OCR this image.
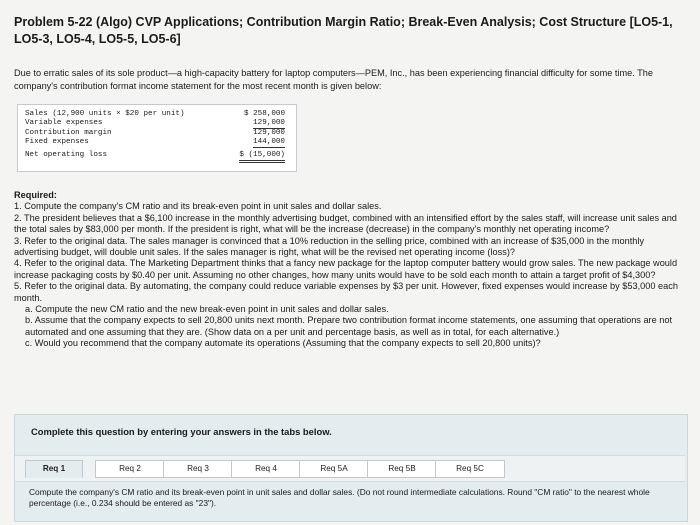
Problem 5-22 (Algo) CVP Applications; Contribution Margin Ratio; Break-Even Analysis; Cost Structure [LO5-1, LO5-3, LO5-4, LO5-5, LO5-6]
Due to erratic sales of its sole product—a high-capacity battery for laptop computers—PEM, Inc., has been experiencing financial difficulty for some time. The company's contribution format income statement for the most recent month is given below:
Sales (12,900 units × $20 per unit)	$ 258,000
Variable expenses	129,000
Contribution margin	129,000
Fixed expenses	144,000
Net operating loss	$ (15,000)

Required:

1. Compute the company's CM ratio and its break-even point in unit sales and dollar sales.

2. The president believes that a $6,100 increase in the monthly advertising budget, combined with an intensified effort by the sales staff, will increase unit sales and the total sales by $83,000 per month. If the president is right, what will be the increase (decrease) in the company's monthly net operating income?

3. Refer to the original data. The sales manager is convinced that a 10% reduction in the selling price, combined with an increase of $35,000 in the monthly advertising budget, will double unit sales. If the sales manager is right, what will be the revised net operating income (loss)?

4. Refer to the original data. The Marketing Department thinks that a fancy new package for the laptop computer battery would grow sales. The new package would increase packaging costs by $0.40 per unit. Assuming no other changes, how many units would have to be sold each month to attain a target profit of $4,300?

5. Refer to the original data. By automating, the company could reduce variable expenses by $3 per unit. However, fixed expenses would increase by $53,000 each month.

a. Compute the new CM ratio and the new break-even point in unit sales and dollar sales.

b. Assume that the company expects to sell 20,800 units next month. Prepare two contribution format income statements, one assuming that operations are not automated and one assuming that they are. (Show data on a per unit and percentage basis, as well as in total, for each alternative.)

c. Would you recommend that the company automate its operations (Assuming that the company expects to sell 20,800 units)?

Complete this question by entering your answers in the tabs below.
Req 1	Req 2	Req 3	Req 4	Req 5A	Req 5B	Req 5C
Compute the company's CM ratio and its break-even point in unit sales and dollar sales. (Do not round intermediate calculations. Round "CM ratio" to the nearest whole percentage (i.e., 0.234 should be entered as "23").
